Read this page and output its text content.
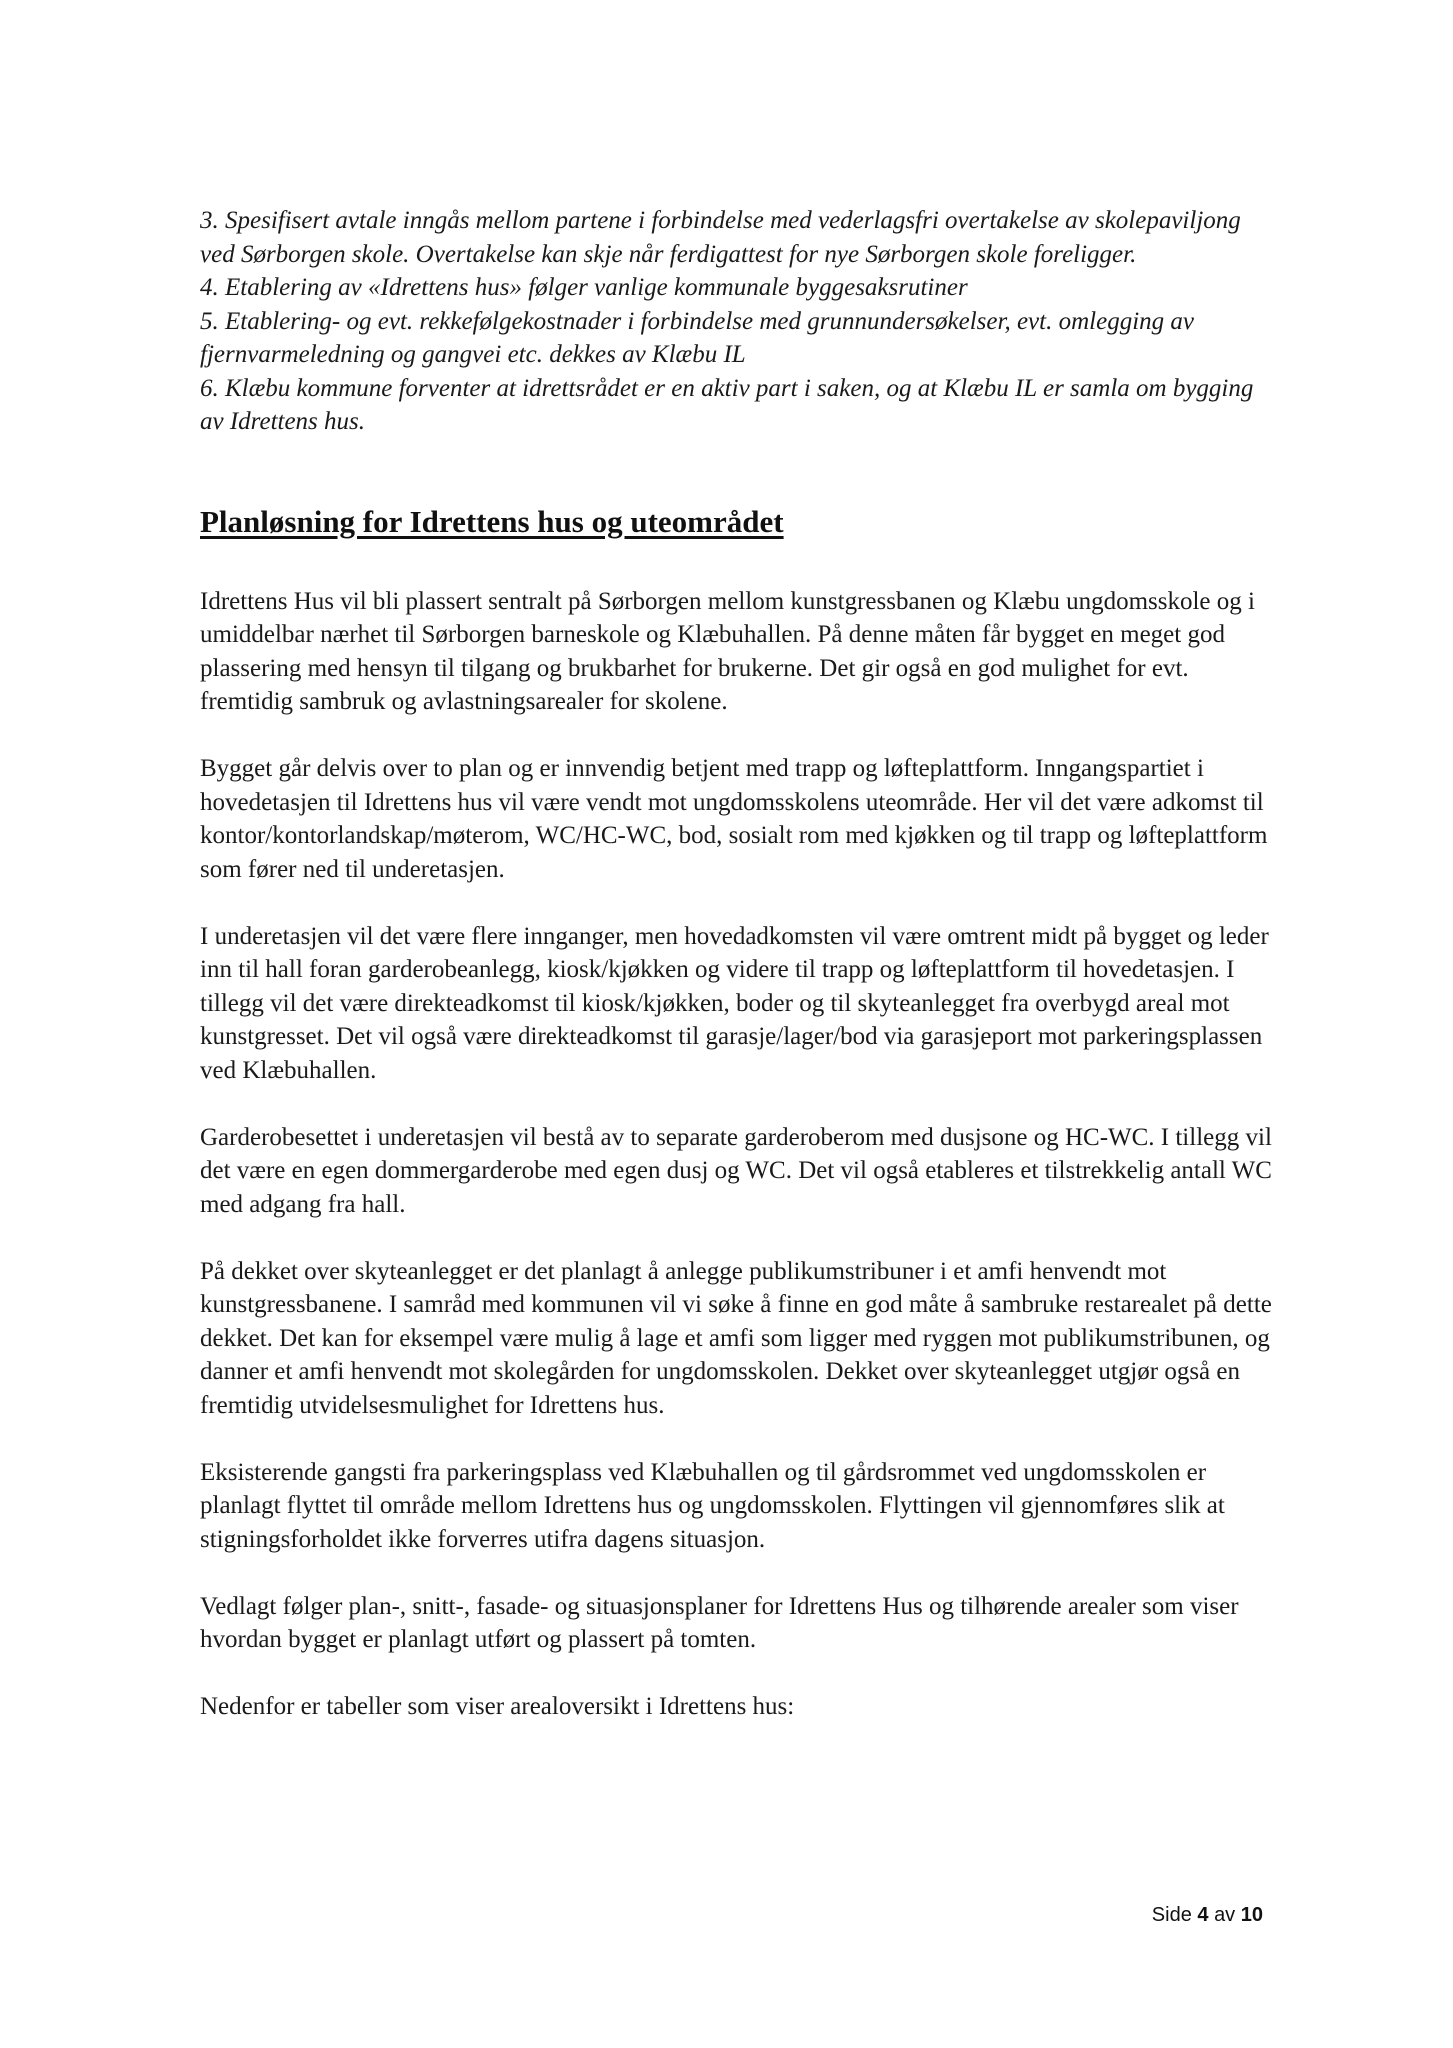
3. Spesifisert avtale inngås mellom partene i forbindelse med vederlagsfri overtakelse av skolepaviljong ved Sørborgen skole. Overtakelse kan skje når ferdigattest for nye Sørborgen skole foreligger.
4. Etablering av «Idrettens hus» følger vanlige kommunale byggesaksrutiner
5. Etablering- og evt. rekkefølgekostnader i forbindelse med grunnundersøkelser, evt. omlegging av fjernvarmeledning og gangvei etc. dekkes av Klæbu IL
6. Klæbu kommune forventer at idrettsrådet er en aktiv part i saken, og at Klæbu IL er samla om bygging av Idrettens hus.
Planløsning for Idrettens hus og uteområdet

Idrettens Hus vil bli plassert sentralt på Sørborgen mellom kunstgressbanen og Klæbu ungdomsskole og i umiddelbar nærhet til Sørborgen barneskole og Klæbuhallen. På denne måten får bygget en meget god plassering med hensyn til tilgang og brukbarhet for brukerne. Det gir også en god mulighet for evt. fremtidig sambruk og avlastningsarealer for skolene.

Bygget går delvis over to plan og er innvendig betjent med trapp og løfteplattform. Inngangspartiet i hovedetasjen til Idrettens hus vil være vendt mot ungdomsskolens uteområde. Her vil det være adkomst til kontor/kontorlandskap/møterom, WC/HC-WC, bod, sosialt rom med kjøkken og til trapp og løfteplattform som fører ned til underetasjen.

I underetasjen vil det være flere innganger, men hovedadkomsten vil være omtrent midt på bygget og leder inn til hall foran garderobeanlegg, kiosk/kjøkken og videre til trapp og løfteplattform til hovedetasjen. I tillegg vil det være direkteadkomst til kiosk/kjøkken, boder og til skyteanlegget fra overbygd areal mot kunstgresset. Det vil også være direkteadkomst til garasje/lager/bod via garasjeport mot parkeringsplassen ved Klæbuhallen.

Garderobesettet i underetasjen vil bestå av to separate garderoberom med dusjsone og HC-WC. I tillegg vil det være en egen dommergarderobe med egen dusj og WC. Det vil også etableres et tilstrekkelig antall WC med adgang fra hall.

På dekket over skyteanlegget er det planlagt å anlegge publikumstribuner i et amfi henvendt mot kunstgressbanene. I samråd med kommunen vil vi søke å finne en god måte å sambruke restarealet på dette dekket. Det kan for eksempel være mulig å lage et amfi som ligger med ryggen mot publikumstribunen, og danner et amfi henvendt mot skolegården for ungdomsskolen. Dekket over skyteanlegget utgjør også en fremtidig utvidelsesmulighet for Idrettens hus.

Eksisterende gangsti fra parkeringsplass ved Klæbuhallen og til gårdsrommet ved ungdomsskolen er planlagt flyttet til område mellom Idrettens hus og ungdomsskolen. Flyttingen vil gjennomføres slik at stigningsforholdet ikke forverres utifra dagens situasjon.

Vedlagt følger plan-, snitt-, fasade- og situasjonsplaner for Idrettens Hus og tilhørende arealer som viser hvordan bygget er planlagt utført og plassert på tomten.

Nedenfor er tabeller som viser arealoversikt i Idrettens hus:

Side 4 av 10
